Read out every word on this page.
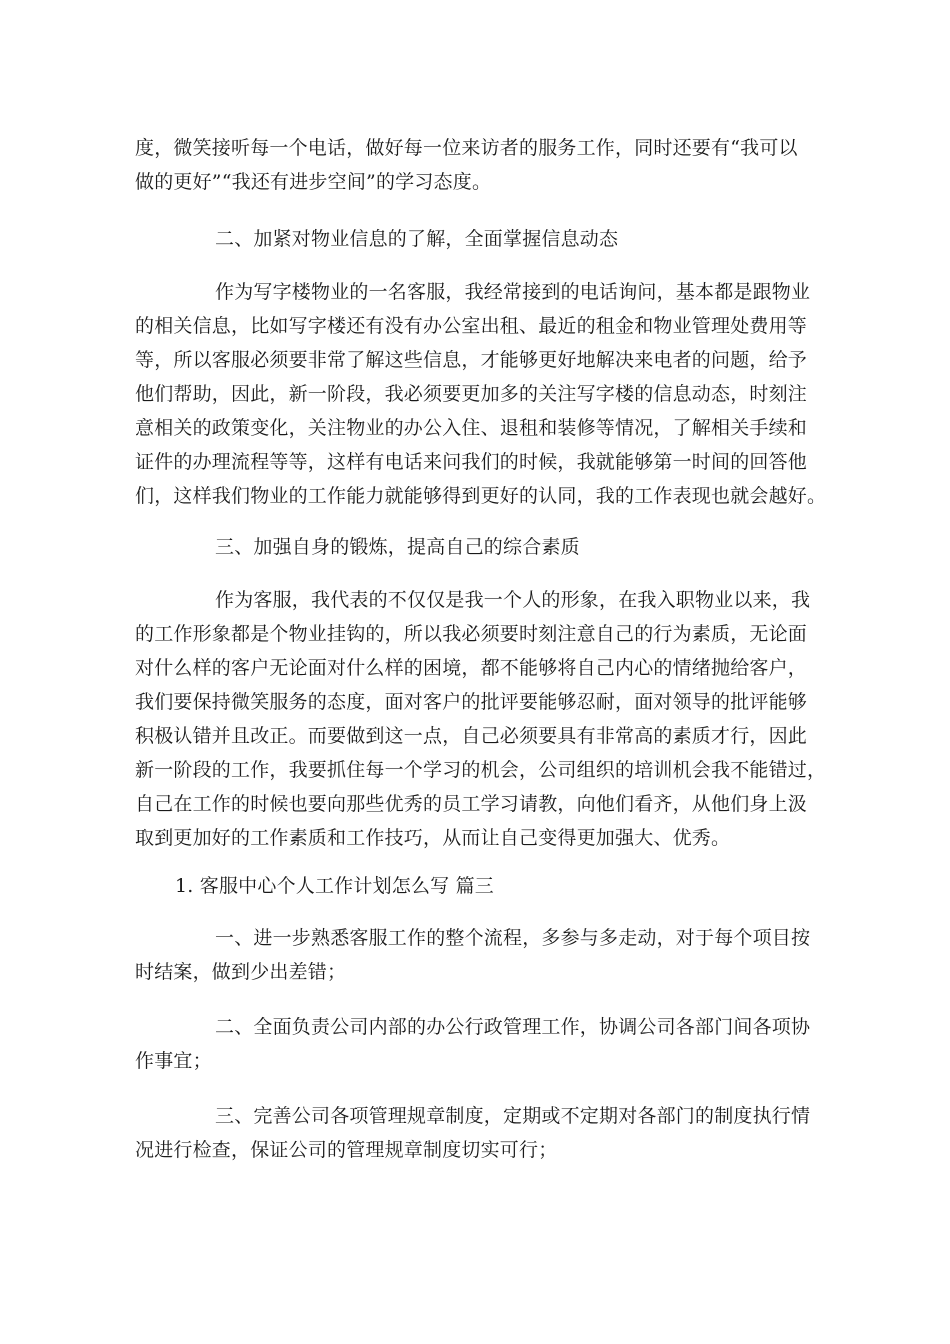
度，微笑接听每一个电话，做好每一位来访者的服务工作，同时还要有“我可以
做的更好”“我还有进步空间”的学习态度。
二、加紧对物业信息的了解，全面掌握信息动态
作为写字楼物业的一名客服，我经常接到的电话询问，基本都是跟物业
的相关信息，比如写字楼还有没有办公室出租、最近的租金和物业管理处费用等
等，所以客服必须要非常了解这些信息，才能够更好地解决来电者的问题，给予
他们帮助，因此，新一阶段，我必须要更加多的关注写字楼的信息动态，时刻注
意相关的政策变化，关注物业的办公入住、退租和装修等情况，了解相关手续和
证件的办理流程等等，这样有电话来问我们的时候，我就能够第一时间的回答他
们，这样我们物业的工作能力就能够得到更好的认同，我的工作表现也就会越好。
三、加强自身的锻炼，提高自己的综合素质
作为客服，我代表的不仅仅是我一个人的形象，在我入职物业以来，我
的工作形象都是个物业挂钩的，所以我必须要时刻注意自己的行为素质，无论面
对什么样的客户无论面对什么样的困境，都不能够将自己内心的情绪抛给客户，
我们要保持微笑服务的态度，面对客户的批评要能够忍耐，面对领导的批评能够
积极认错并且改正。而要做到这一点，自己必须要具有非常高的素质才行，因此
新一阶段的工作，我要抓住每一个学习的机会，公司组织的培训机会我不能错过，
自己在工作的时候也要向那些优秀的员工学习请教，向他们看齐，从他们身上汲
取到更加好的工作素质和工作技巧，从而让自己变得更加强大、优秀。
1. 客服中心个人工作计划怎么写 篇三
一、进一步熟悉客服工作的整个流程，多参与多走动，对于每个项目按
时结案，做到少出差错；
二、全面负责公司内部的办公行政管理工作，协调公司各部门间各项协
作事宜；
三、完善公司各项管理规章制度，定期或不定期对各部门的制度执行情
况进行检查，保证公司的管理规章制度切实可行；
